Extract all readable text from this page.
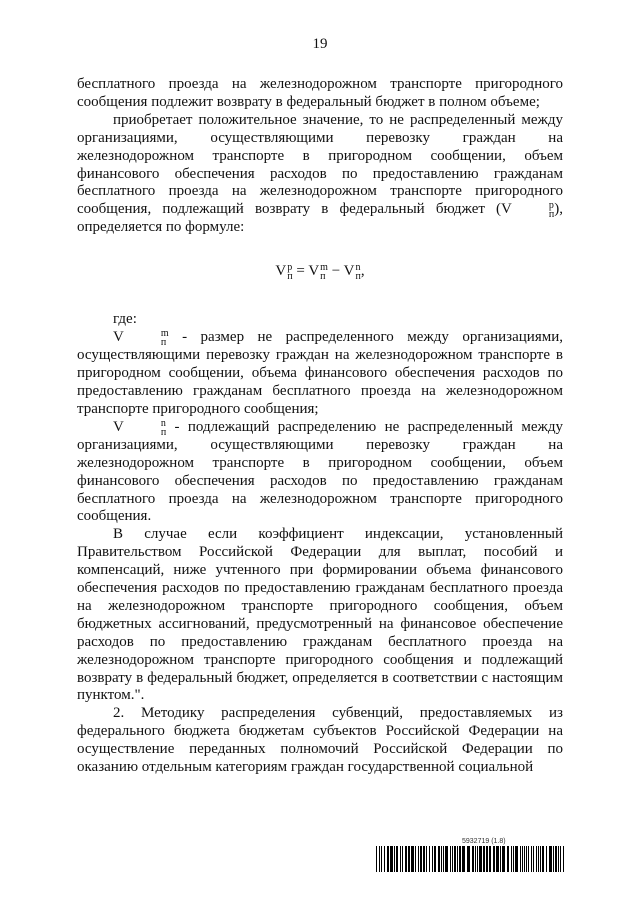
19

бесплатного проезда на железнодорожном транспорте пригородного сообщения подлежит возврату в федеральный бюджет в полном объеме;

приобретает положительное значение, то не распределенный между организациями, осуществляющими перевозку граждан на железнодорожном транспорте в пригородном сообщении, объем финансового обеспечения расходов по предоставлению гражданам бесплатного проезда на железнодорожном транспорте пригородного сообщения, подлежащий возврату в федеральный бюджет (V	р
п ), определяется по формуле:

V р
п = V m
п − V n
п ,

где:

V	m
п - размер не распределенного между организациями, осуществляющими перевозку граждан на железнодорожном транспорте в пригородном сообщении, объема финансового обеспечения расходов по предоставлению гражданам бесплатного проезда на железнодорожном транспорте пригородного сообщения;

V	n
п - подлежащий распределению не распределенный между организациями, осуществляющими перевозку граждан на железнодорожном транспорте в пригородном сообщении, объем финансового обеспечения расходов по предоставлению гражданам бесплатного проезда на железнодорожном транспорте пригородного сообщения.

В случае если коэффициент индексации, установленный Правительством Российской Федерации для выплат, пособий и компенсаций, ниже учтенного при формировании объема финансового обеспечения расходов по предоставлению гражданам бесплатного проезда на железнодорожном транспорте пригородного сообщения, объем бюджетных ассигнований, предусмотренный на финансовое обеспечение расходов по предоставлению гражданам бесплатного проезда на железнодорожном транспорте пригородного сообщения и подлежащий возврату в федеральный бюджет, определяется в соответствии с настоящим пунктом.".

2. Методику распределения субвенций, предоставляемых из федерального бюджета бюджетам субъектов Российской Федерации на осуществление переданных полномочий Российской Федерации по оказанию отдельным категориям граждан государственной социальной

5932719 (1.8)
